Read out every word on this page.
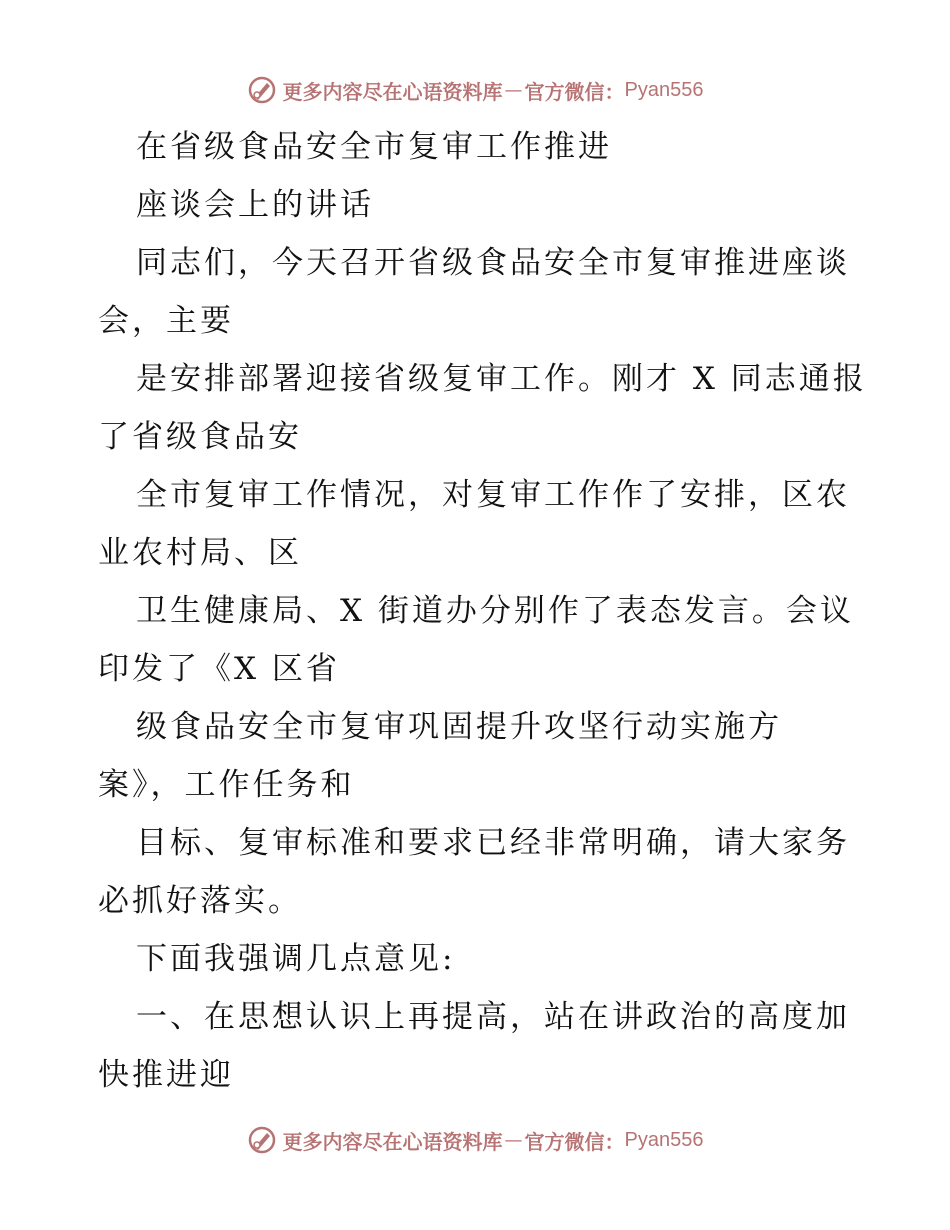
更多内容尽在心语资料库 — 官方微信： Pyan556
在省级食品安全市复审工作推进
座谈会上的讲话
同志们，今天召开省级食品安全市复审推进座谈
会，主要
是安排部署迎接省级复审工作。刚才 X 同志通报
了省级食品安
全市复审工作情况，对复审工作作了安排，区农
业农村局、区
卫生健康局、X 街道办分别作了表态发言。会议
印发了《X 区省
级食品安全市复审巩固提升攻坚行动实施方
案》，工作任务和
目标、复审标准和要求已经非常明确，请大家务
必抓好落实。
下面我强调几点意见:
一、在思想认识上再提高，站在讲政治的高度加
快推进迎
更多内容尽在心语资料库 — 官方微信： Pyan556
